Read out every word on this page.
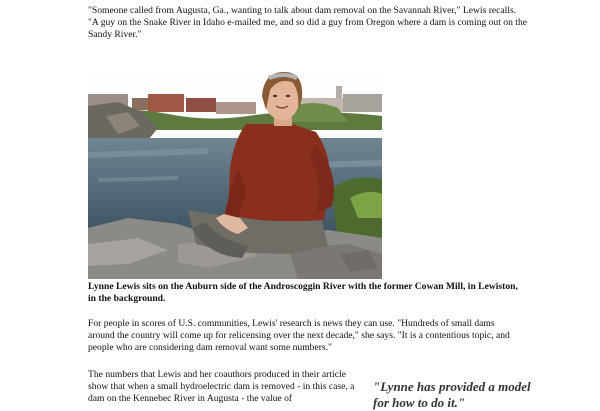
"Someone called from Augusta, Ga., wanting to talk about dam removal on the Savannah River," Lewis recalls. "A guy on the Snake River in Idaho e-mailed me, and so did a guy from Oregon where a dam is coming out on the Sandy River."

Lynne Lewis sits on the Auburn side of the Androscoggin River with the former Cowan Mill, in Lewiston, in the background.

For people in scores of U.S. communities, Lewis' research is news they can use. "Hundreds of small dams around the country will come up for relicensing over the next decade," she says. "It is a contentious topic, and people who are considering dam removal want some numbers."

The numbers that Lewis and her coauthors produced in their article show that when a small hydroelectric dam is removed - in this case, a dam on the Kennebec River in Augusta - the value of

"Lynne has provided a model for how to do it."
